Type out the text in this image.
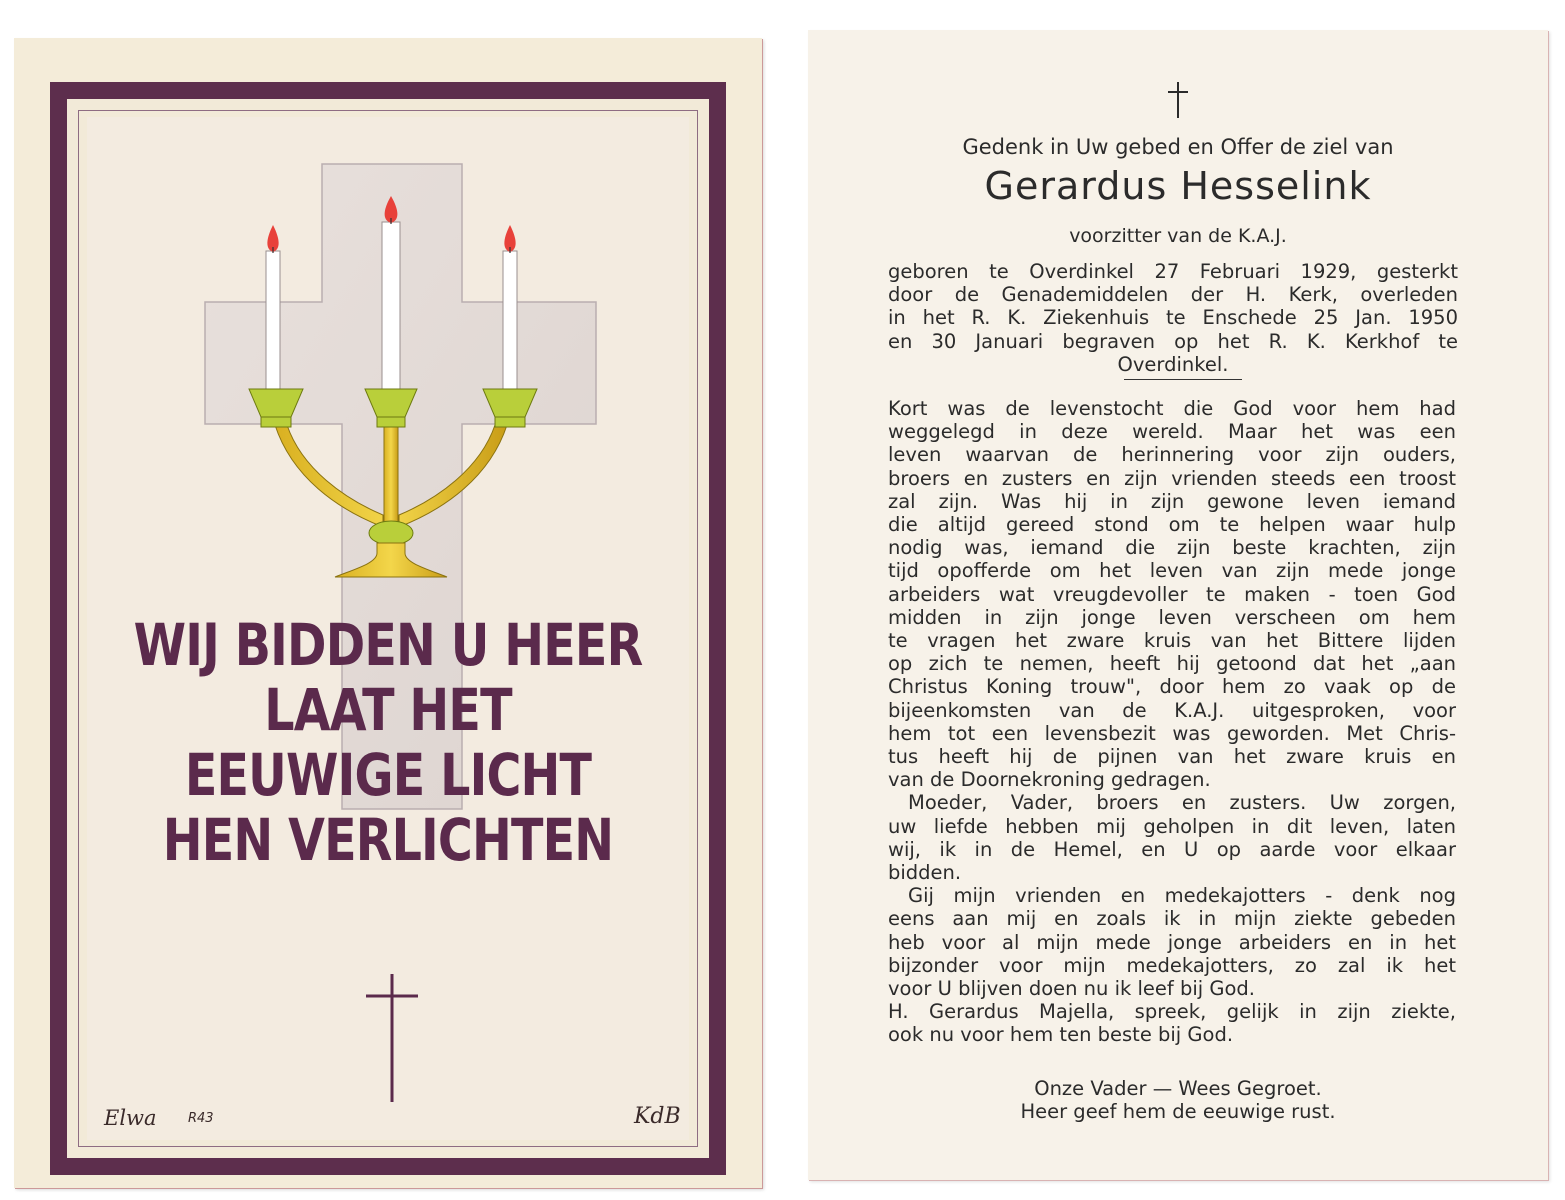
WIJ BIDDEN U HEER
LAAT HET
EEUWIGE LICHT
HEN VERLICHTEN
Elwa R43	KdB
Gedenk in Uw gebed en Offer de ziel van
Gerardus Hesselink
voorzitter van de K.A.J.
geboren te Overdinkel 27 Februari 1929, gesterkt
door de Genademiddelen der H. Kerk, overleden
in het R. K. Ziekenhuis te Enschede 25 Jan. 1950
en 30 Januari begraven op het R. K. Kerkhof te
Overdinkel.
Kort was de levenstocht die God voor hem had
weggelegd in deze wereld. Maar het was een
leven waarvan de herinnering voor zijn ouders,
broers en zusters en zijn vrienden steeds een troost
zal zijn. Was hij in zijn gewone leven iemand
die altijd gereed stond om te helpen waar hulp
nodig was, iemand die zijn beste krachten, zijn
tijd opofferde om het leven van zijn mede jonge
arbeiders wat vreugdevoller te maken - toen God
midden in zijn jonge leven verscheen om hem
te vragen het zware kruis van het Bittere lijden
op zich te nemen, heeft hij getoond dat het „aan
Christus Koning trouw", door hem zo vaak op de
bijeenkomsten van de K.A.J. uitgesproken, voor
hem tot een levensbezit was geworden. Met Chris-
tus heeft hij de pijnen van het zware kruis en
van de Doornekroning gedragen.
Moeder, Vader, broers en zusters. Uw zorgen,
uw liefde hebben mij geholpen in dit leven, laten
wij, ik in de Hemel, en U op aarde voor elkaar
bidden.
Gij mijn vrienden en medekajotters - denk nog
eens aan mij en zoals ik in mijn ziekte gebeden
heb voor al mijn mede jonge arbeiders en in het
bijzonder voor mijn medekajotters, zo zal ik het
voor U blijven doen nu ik leef bij God.
H. Gerardus Majella, spreek, gelijk in zijn ziekte,
ook nu voor hem ten beste bij God.
Onze Vader — Wees Gegroet.
Heer geef hem de eeuwige rust.
